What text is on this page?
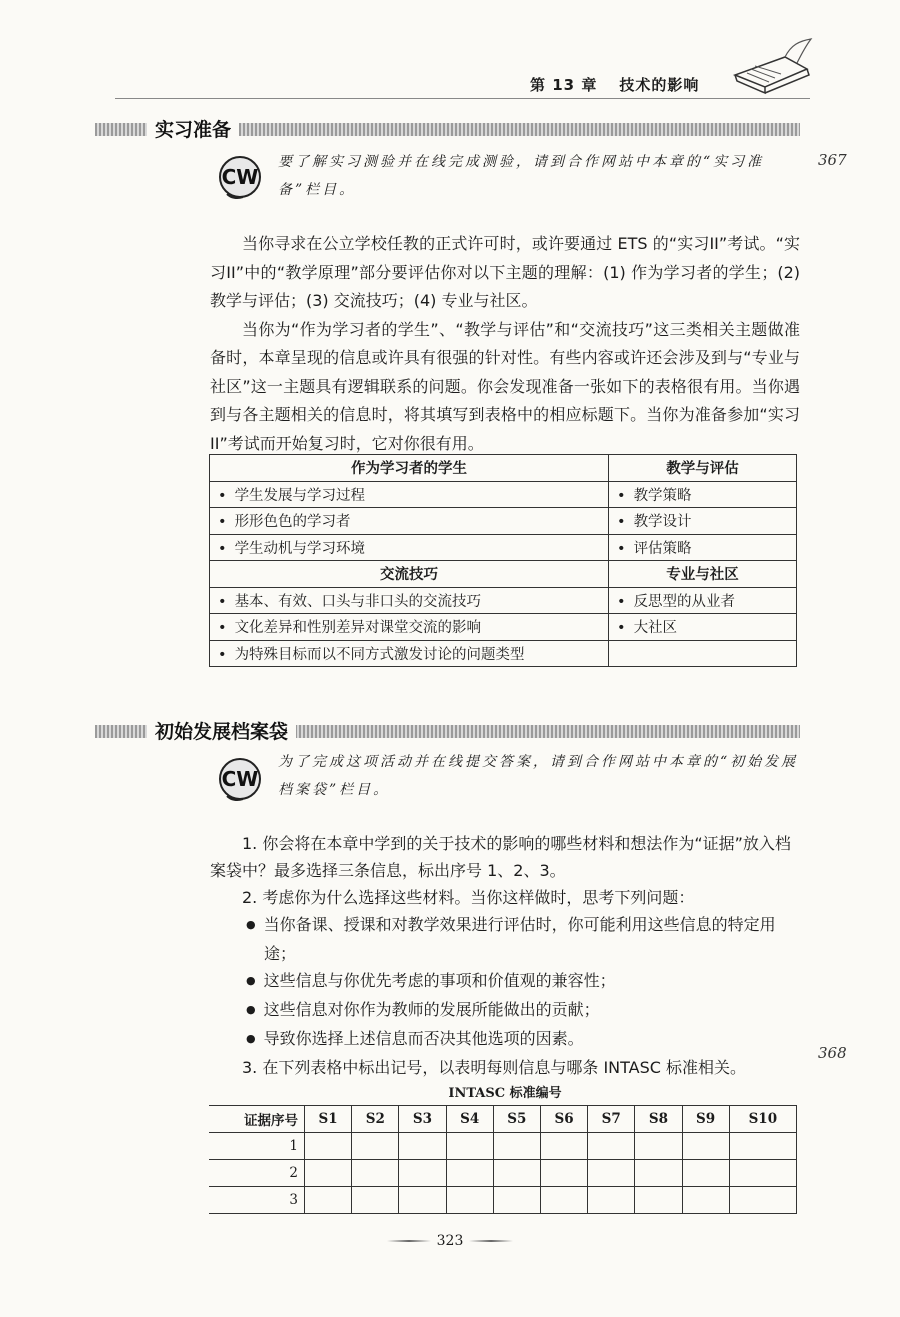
第 13 章 技术的影响
实习准备
CW
要了解实习测验并在线完成测验，请到合作网站中本章的“实习准备”栏目。
367

当你寻求在公立学校任教的正式许可时，或许要通过 ETS 的“实习II”考试。“实习II”中的“教学原理”部分要评估你对以下主题的理解：(1) 作为学习者的学生；(2) 教学与评估；(3) 交流技巧；(4) 专业与社区。

当你为“作为学习者的学生”、“教学与评估”和“交流技巧”这三类相关主题做准备时，本章呈现的信息或许具有很强的针对性。有些内容或许还会涉及到与“专业与社区”这一主题具有逻辑联系的问题。你会发现准备一张如下的表格很有用。当你遇到与各主题相关的信息时，将其填写到表格中的相应标题下。当你为准备参加“实习II”考试而开始复习时，它对你很有用。

作为学习者的学生	教学与评估
• 学生发展与学习过程	• 教学策略
• 形形色色的学习者	• 教学设计
• 学生动机与学习环境	• 评估策略
交流技巧	专业与社区
• 基本、有效、口头与非口头的交流技巧	• 反思型的从业者
• 文化差异和性别差异对课堂交流的影响	• 大社区
• 为特殊目标而以不同方式激发讨论的问题类型	
初始发展档案袋
CW
为了完成这项活动并在线提交答案，请到合作网站中本章的“初始发展档案袋”栏目。

1. 你会将在本章中学到的关于技术的影响的哪些材料和想法作为“证据”放入档案袋中？最多选择三条信息，标出序号 1、2、3。

2. 考虑你为什么选择这些材料。当你这样做时，思考下列问题：

● 当你备课、授课和对教学效果进行评估时，你可能利用这些信息的特定用途；

● 这些信息与你优先考虑的事项和价值观的兼容性；

● 这些信息对你作为教师的发展所能做出的贡献；

● 导致你选择上述信息而否决其他选项的因素。

3. 在下列表格中标出记号，以表明每则信息与哪条 INTASC 标准相关。

368
INTASC 标准编号
证据序号	S1	S2	S3	S4	S5	S6	S7	S8	S9	S10
1										
2										
3										
323
